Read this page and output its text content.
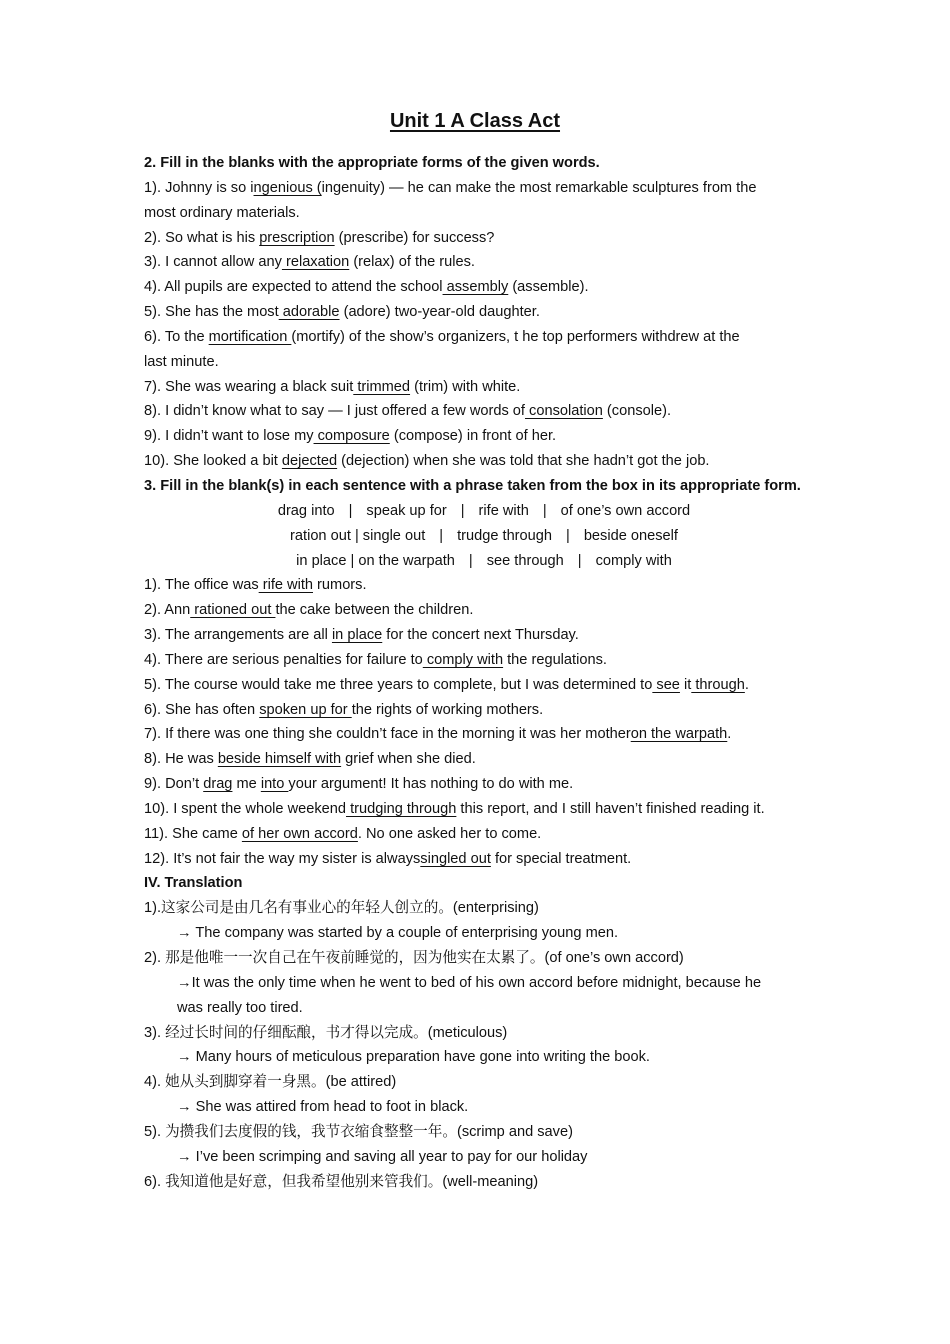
Unit 1 A Class Act
2. Fill in the blanks with the appropriate forms of the given words.
1). Johnny is so ingenious (ingenuity) — he can make the most remarkable sculptures from the
most ordinary materials.
2). So what is his prescription (prescribe) for success?
3). I cannot allow any relaxation (relax) of the rules.
4). All pupils are expected to attend the school assembly (assemble).
5). She has the most adorable (adore) two-year-old daughter.
6). To the mortification (mortify) of the show’s organizers, t he top performers withdrew at the
last minute.
7). She was wearing a black suit trimmed (trim) with white.
8). I didn’t know what to say — I just offered a few words of consolation (console).
9). I didn’t want to lose my composure (compose) in front of her.
10). She looked a bit dejected (dejection) when she was told that she hadn’t got the job.
3. Fill in the blank(s) in each sentence with a phrase taken from the box in its appropriate form.
drag into | speak up for | rife with | of one’s own accord
ration out | single out | trudge through | beside oneself
in place | on the warpath | see through | comply with
1). The office was rife with rumors.
2). Ann rationed out the cake between the children.
3). The arrangements are all in place for the concert next Thursday.
4). There are serious penalties for failure to comply with the regulations.
5). The course would take me three years to complete, but I was determined to see it through.
6). She has often spoken up for the rights of working mothers.
7). If there was one thing she couldn’t face in the morning it was her motheron the warpath.
8). He was beside himself with grief when she died.
9). Don’t drag me into your argument! It has nothing to do with me.
10). I spent the whole weekend trudging through this report, and I still haven’t finished reading it.
11). She came of her own accord. No one asked her to come.
12). It’s not fair the way my sister is alwayssingled out for special treatment.
IV. Translation
1).这家公司是由几名有事业心的年轻人创立的。(enterprising)
→ The company was started by a couple of enterprising young men.
2). 那是他唯一一次自己在午夜前睡觉的，因为他实在太累了。(of one’s own accord)
→It was the only time when he went to bed of his own accord before midnight, because he
was really too tired.
3). 经过长时间的仔细酝酿，书才得以完成。(meticulous)
→ Many hours of meticulous preparation have gone into writing the book.
4). 她从头到脚穿着一身黑。(be attired)
→ She was attired from head to foot in black.
5). 为攒我们去度假的钱，我节衣缩食整整一年。(scrimp and save)
→ I’ve been scrimping and saving all year to pay for our holiday
6). 我知道他是好意，但我希望他别来管我们。(well-meaning)
